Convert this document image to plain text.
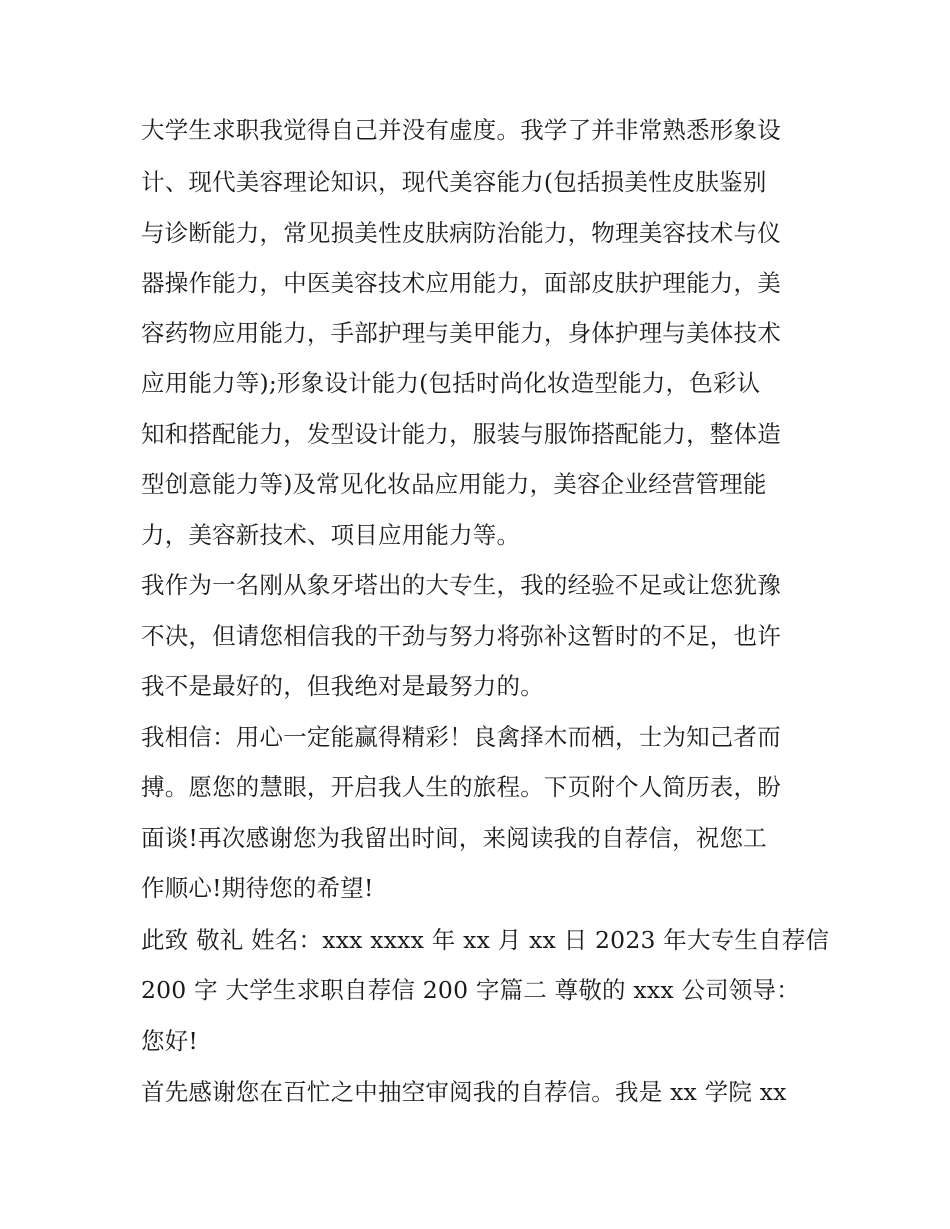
大学生求职我觉得自己并没有虚度。我学了并非常熟悉形象设

计、现代美容理论知识，现代美容能力(包括损美性皮肤鉴别

与诊断能力，常见损美性皮肤病防治能力，物理美容技术与仪

器操作能力，中医美容技术应用能力，面部皮肤护理能力，美

容药物应用能力，手部护理与美甲能力，身体护理与美体技术

应用能力等);形象设计能力(包括时尚化妆造型能力，色彩认

知和搭配能力，发型设计能力，服装与服饰搭配能力，整体造

型创意能力等)及常见化妆品应用能力，美容企业经营管理能

力，美容新技术、项目应用能力等。

我作为一名刚从象牙塔出的大专生，我的经验不足或让您犹豫

不决，但请您相信我的干劲与努力将弥补这暂时的不足，也许

我不是最好的，但我绝对是最努力的。

我相信：用心一定能赢得精彩！良禽择木而栖，士为知己者而

搏。愿您的慧眼，开启我人生的旅程。下页附个人简历表，盼

面谈!再次感谢您为我留出时间，来阅读我的自荐信，祝您工

作顺心!期待您的希望!

此致 敬礼 姓名：xxx xxxx 年 xx 月 xx 日 2023 年大专生自荐信

200 字 大学生求职自荐信 200 字篇二 尊敬的 xxx 公司领导：

您好!

首先感谢您在百忙之中抽空审阅我的自荐信。我是 xx 学院 xx
